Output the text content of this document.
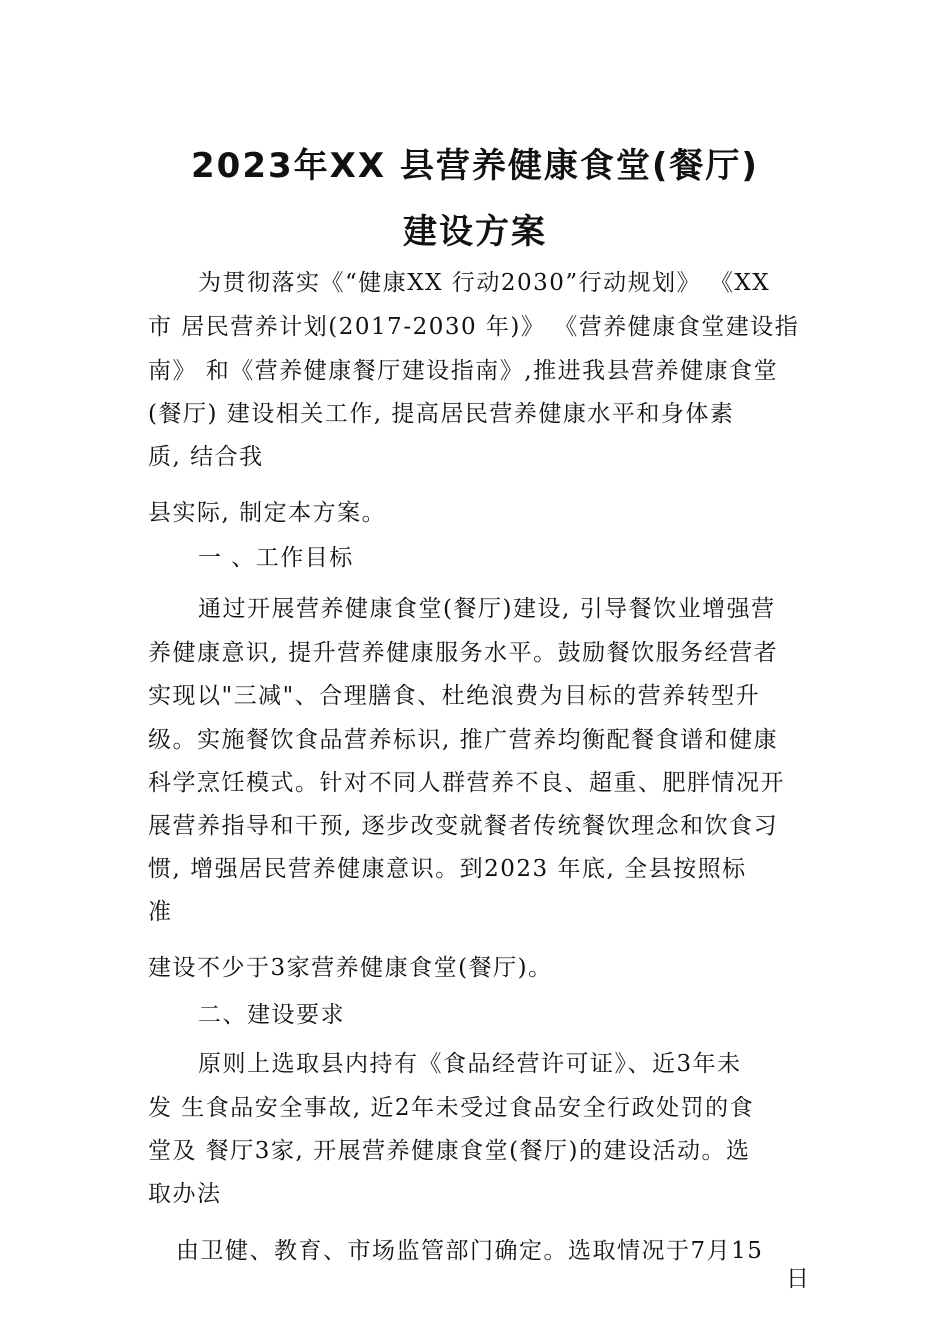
2023年XX 县营养健康食堂(餐厅)
建设方案
为贯彻落实《“健康XX 行动2030”行动规划》 《XX
市 居民营养计划(2017-2030 年)》 《营养健康食堂建设指
南》 和《营养健康餐厅建设指南》,推进我县营养健康食堂
(餐厅) 建设相关工作, 提高居民营养健康水平和身体素
质, 结合我
县实际, 制定本方案。
一 、工作目标
通过开展营养健康食堂(餐厅)建设, 引导餐饮业增强营
养健康意识, 提升营养健康服务水平。鼓励餐饮服务经营者
实现以"三减"、合理膳食、杜绝浪费为目标的营养转型升
级。实施餐饮食品营养标识, 推广营养均衡配餐食谱和健康
科学烹饪模式。针对不同人群营养不良、超重、肥胖情况开
展营养指导和干预, 逐步改变就餐者传统餐饮理念和饮食习
惯, 增强居民营养健康意识。到2023 年底, 全县按照标
准
建设不少于3家营养健康食堂(餐厅)。
二、建设要求
原则上选取县内持有《食品经营许可证》、近3年未
发 生食品安全事故, 近2年未受过食品安全行政处罚的食
堂及 餐厅3家, 开展营养健康食堂(餐厅)的建设活动。选
取办法
由卫健、教育、市场监管部门确定。选取情况于7月15
日
